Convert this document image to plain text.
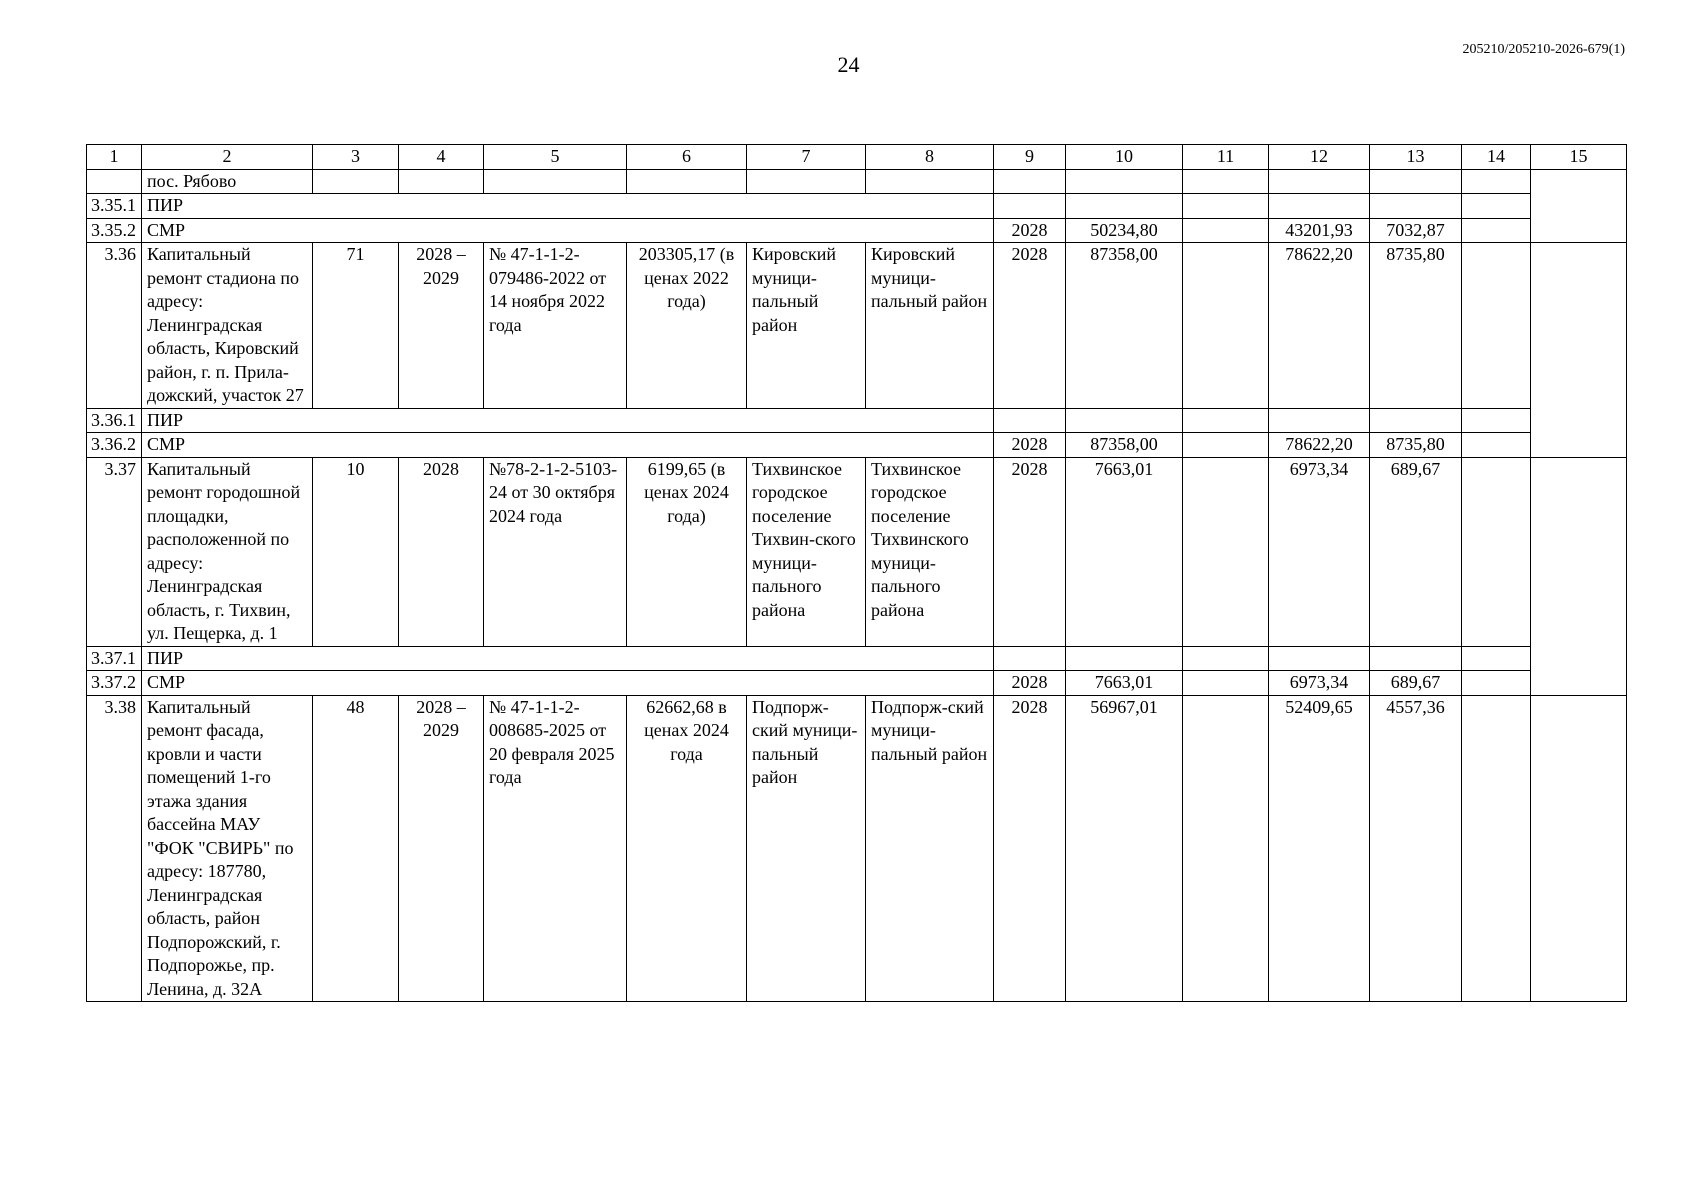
24
205210/205210-2026-679(1)
1	2	3	4	5	6	7	8	9	10	11	12	13	14	15
	пос. Рябово													
3.35.1	ПИР													
3.35.2	СМР							2028	50234,80		43201,93	7032,87		
3.36	Капитальный ремонт стадиона по адресу: Ленинградская область, Кировский район, г. п. Прила-дожский, участок 27	71	2028 – 2029	№ 47-1-1-2-079486-2022 от 14 ноября 2022 года	203305,17 (в ценах 2022 года)	Кировский муници-пальный район	Кировский муници-пальный район	2028	87358,00		78622,20	8735,80		
3.36.1	ПИР													
3.36.2	СМР							2028	87358,00		78622,20	8735,80		
3.37	Капитальный ремонт городошной площадки, расположенной по адресу: Ленинградская область, г. Тихвин, ул. Пещерка, д. 1	10	2028	№78-2-1-2-5103-24 от 30 октября 2024 года	6199,65 (в ценах 2024 года)	Тихвинское городское поселение Тихвин-ского муници-пального района	Тихвинское городское поселение Тихвинского муници-пального района	2028	7663,01		6973,34	689,67		
3.37.1	ПИР													
3.37.2	СМР							2028	7663,01		6973,34	689,67		
3.38	Капитальный ремонт фасада, кровли и части помещений 1-го этажа здания бассейна МАУ "ФОК "СВИРЬ" по адресу: 187780, Ленинградская область, район Подпорожский, г. Подпорожье, пр. Ленина, д. 32А	48	2028 – 2029	№ 47-1-1-2-008685-2025 от 20 февраля 2025 года	62662,68 в ценах 2024 года	Подпорж-ский муници-пальный район	Подпорж-ский муници-пальный район	2028	56967,01		52409,65	4557,36		
